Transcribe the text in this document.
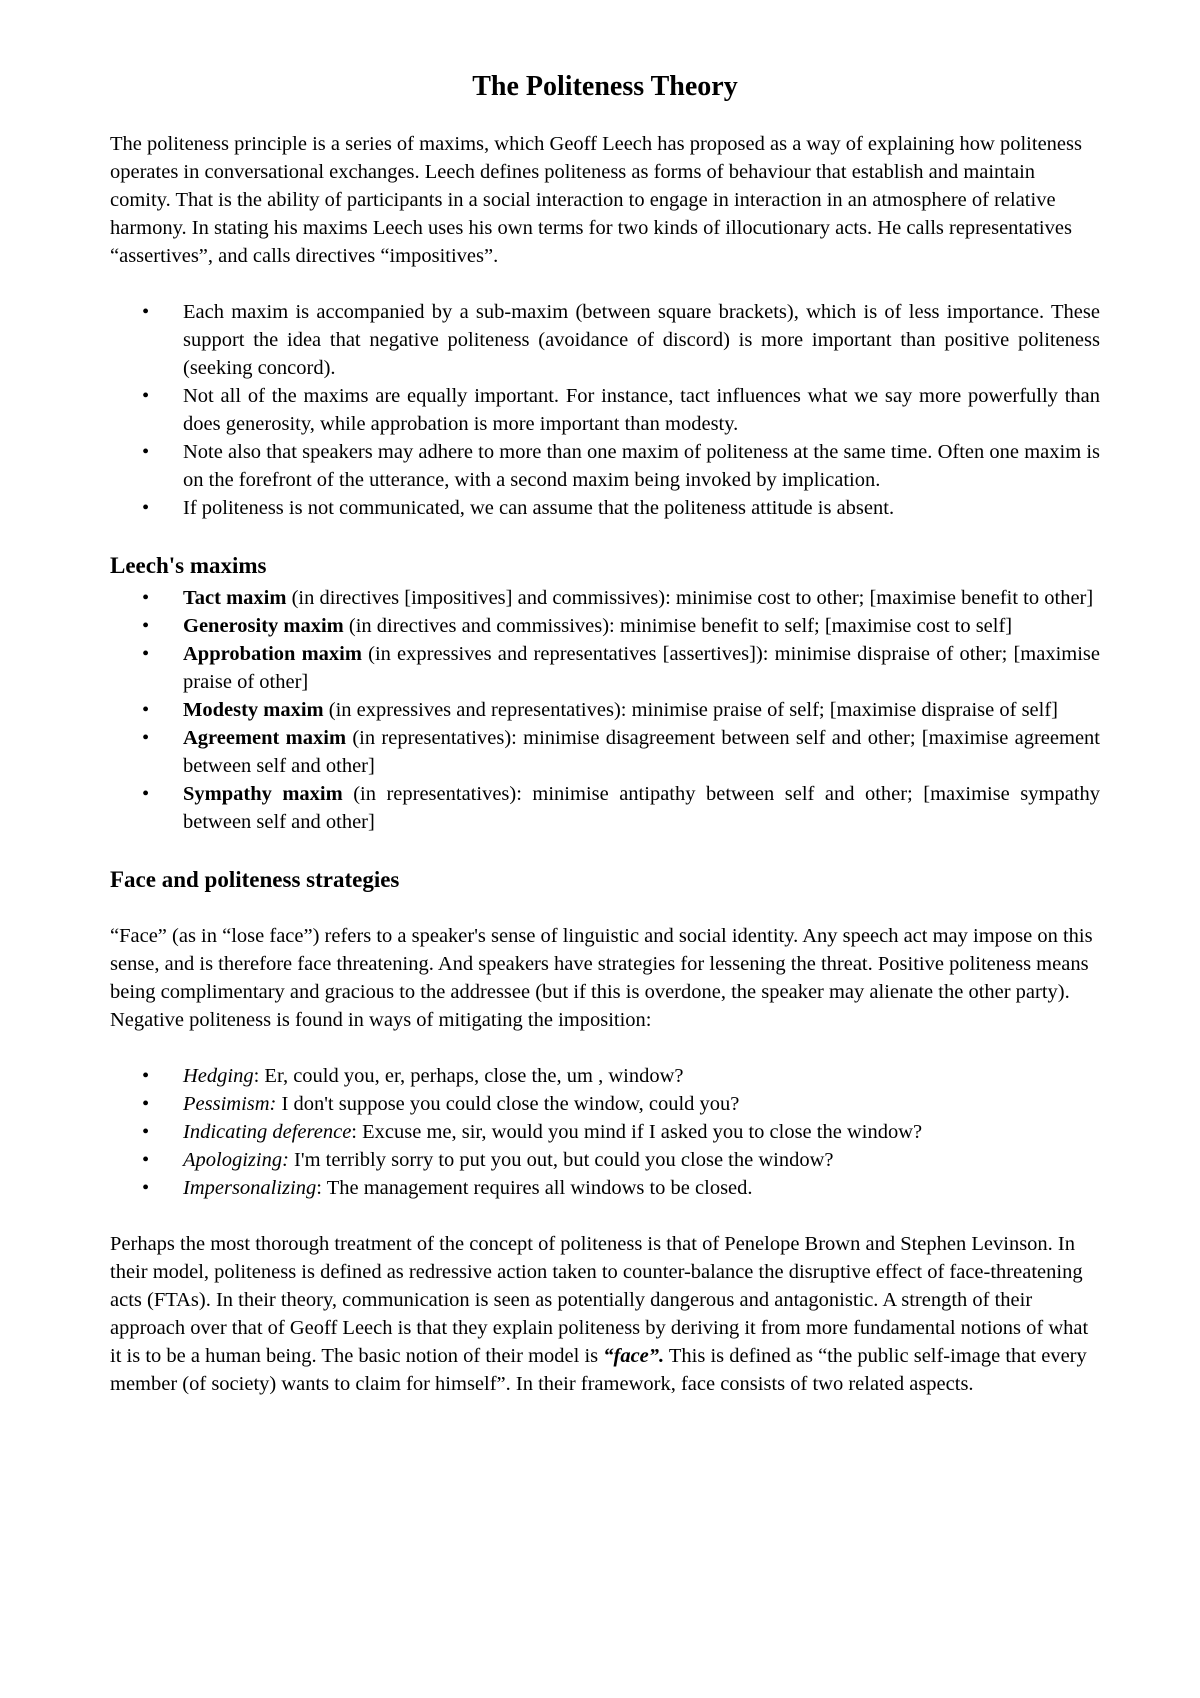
The Politeness Theory

The politeness principle is a series of maxims, which Geoff Leech has proposed as a way of explaining how politeness operates in conversational exchanges. Leech defines politeness as forms of behaviour that establish and maintain comity. That is the ability of participants in a social interaction to engage in interaction in an atmosphere of relative harmony. In stating his maxims Leech uses his own terms for two kinds of illocutionary acts. He calls representatives “assertives”, and calls directives “impositives”.

• Each maxim is accompanied by a sub-maxim (between square brackets), which is of less importance. These support the idea that negative politeness (avoidance of discord) is more important than positive politeness (seeking concord).
• Not all of the maxims are equally important. For instance, tact influences what we say more powerfully than does generosity, while approbation is more important than modesty.
• Note also that speakers may adhere to more than one maxim of politeness at the same time. Often one maxim is on the forefront of the utterance, with a second maxim being invoked by implication.
• If politeness is not communicated, we can assume that the politeness attitude is absent.
Leech's maxims
• Tact maxim (in directives [impositives] and commissives): minimise cost to other; [maximise benefit to other]
• Generosity maxim (in directives and commissives): minimise benefit to self; [maximise cost to self]
• Approbation maxim (in expressives and representatives [assertives]): minimise dispraise of other; [maximise praise of other]
• Modesty maxim (in expressives and representatives): minimise praise of self; [maximise dispraise of self]
• Agreement maxim (in representatives): minimise disagreement between self and other; [maximise agreement between self and other]
• Sympathy maxim (in representatives): minimise antipathy between self and other; [maximise sympathy between self and other]
Face and politeness strategies

“Face” (as in “lose face”) refers to a speaker's sense of linguistic and social identity. Any speech act may impose on this sense, and is therefore face threatening. And speakers have strategies for lessening the threat. Positive politeness means being complimentary and gracious to the addressee (but if this is overdone, the speaker may alienate the other party). Negative politeness is found in ways of mitigating the imposition:

• Hedging: Er, could you, er, perhaps, close the, um , window?
• Pessimism: I don't suppose you could close the window, could you?
• Indicating deference: Excuse me, sir, would you mind if I asked you to close the window?
• Apologizing: I'm terribly sorry to put you out, but could you close the window?
• Impersonalizing: The management requires all windows to be closed.

Perhaps the most thorough treatment of the concept of politeness is that of Penelope Brown and Stephen Levinson. In their model, politeness is defined as redressive action taken to counter-balance the disruptive effect of face-threatening acts (FTAs). In their theory, communication is seen as potentially dangerous and antagonistic. A strength of their approach over that of Geoff Leech is that they explain politeness by deriving it from more fundamental notions of what it is to be a human being. The basic notion of their model is “face”. This is defined as “the public self-image that every member (of society) wants to claim for himself”. In their framework, face consists of two related aspects.
